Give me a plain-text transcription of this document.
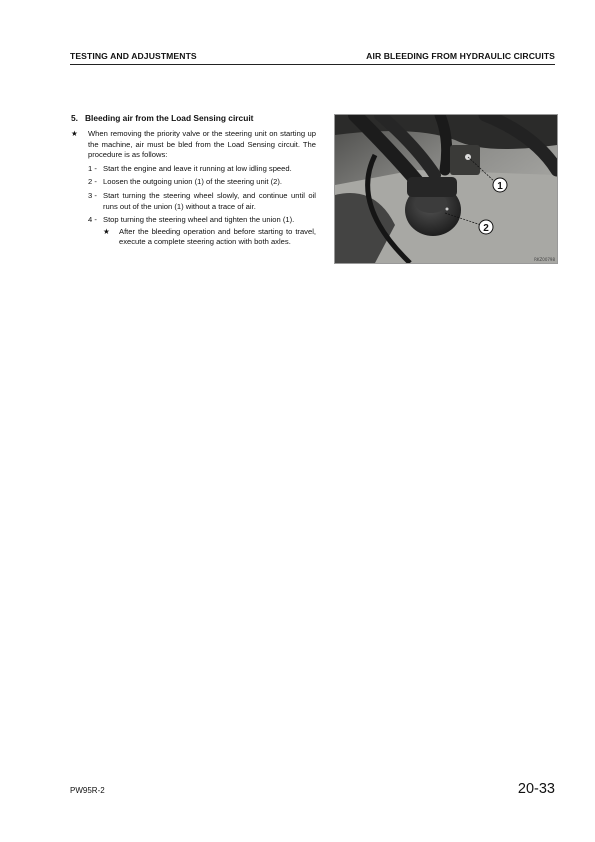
TESTING AND ADJUSTMENTS	AIR BLEEDING FROM HYDRAULIC CIRCUITS
5. Bleeding air from the Load Sensing circuit
★	When removing the priority valve or the steering unit on starting up the machine, air must be bled from the Load Sensing circuit. The procedure is as follows:
1 - Start the engine and leave it running at low idling speed.
2 - Loosen the outgoing union (1) of the steering unit (2).
3 - Start turning the steering wheel slowly, and continue until oil runs out of the union (1) without a trace of air.
4 - Stop turning the steering wheel and tighten the union (1).
★	After the bleeding operation and before starting to travel, execute a complete steering action with both axles.
1
2
RKZ00798
PW95R-2	20-33
